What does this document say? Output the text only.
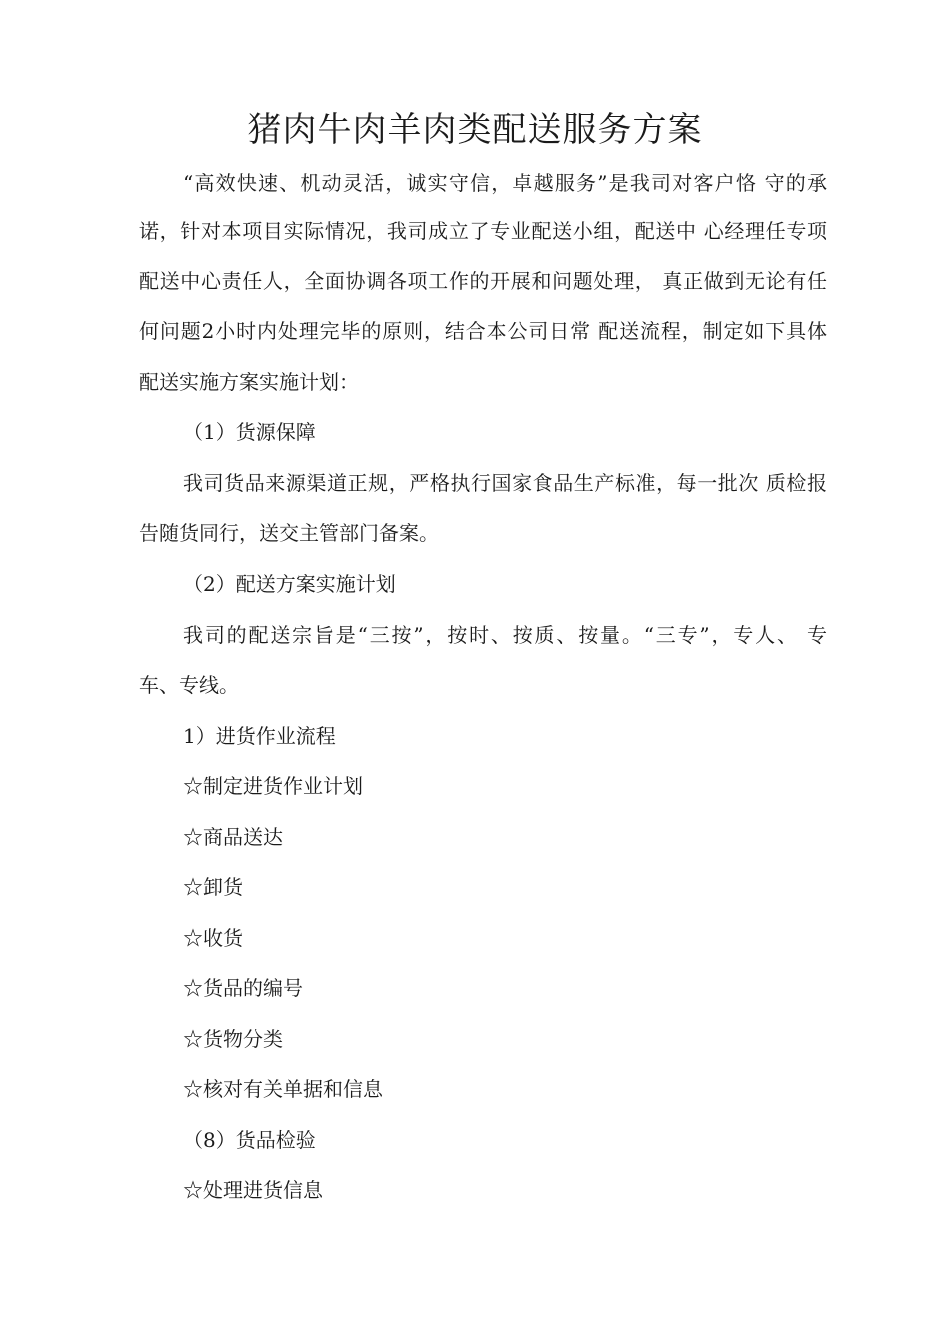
猪肉牛肉羊肉类配送服务方案
“高效快速、机动灵活，诚实守信，卓越服务”是我司对客户恪 守的承
诺，针对本项目实际情况，我司成立了专业配送小组，配送中 心经理任专项
配送中心责任人，全面协调各项工作的开展和问题处理， 真正做到无论有任
何问题2小时内处理完毕的原则，结合本公司日常 配送流程，制定如下具体
配送实施方案实施计划：
（1）货源保障
我司货品来源渠道正规，严格执行国家食品生产标准，每一批次 质检报
告随货同行，送交主管部门备案。
（2）配送方案实施计划
我司的配送宗旨是“三按”，按时、按质、按量。“三专”，专人、 专
车、专线。
1）进货作业流程
☆制定进货作业计划
☆商品送达
☆卸货
☆收货
☆货品的编号
☆货物分类
☆核对有关单据和信息
（8）货品检验
☆处理进货信息
